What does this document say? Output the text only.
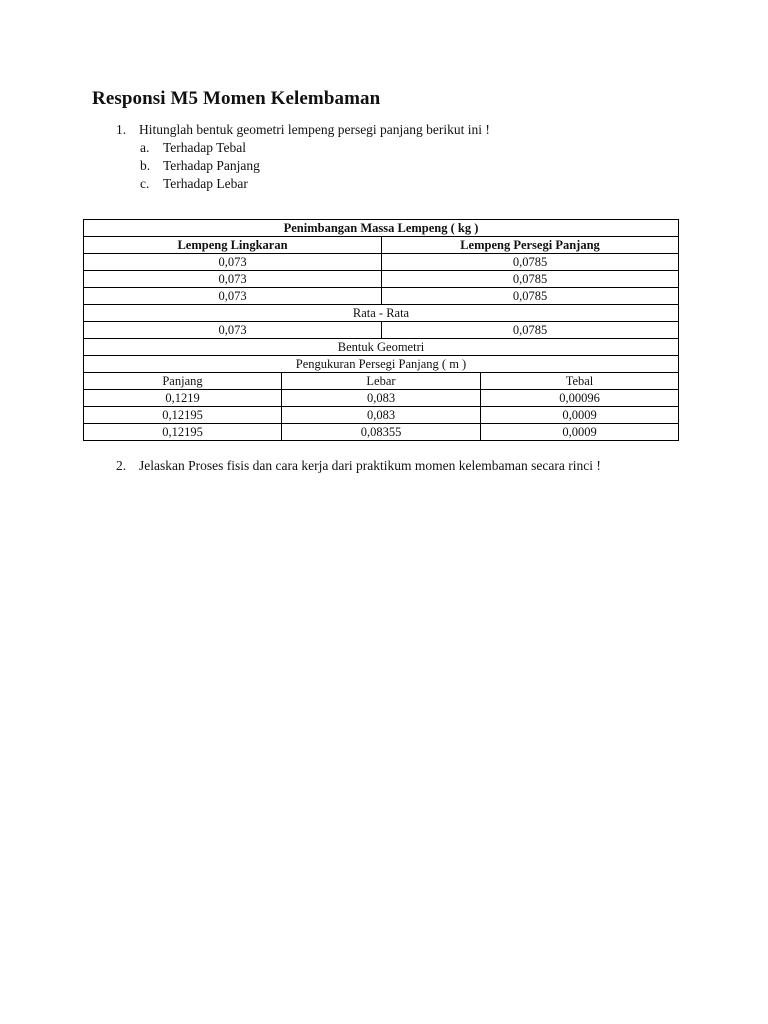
Responsi M5 Momen Kelembaman
1. Hitunglah bentuk geometri lempeng persegi panjang berikut ini !
a. Terhadap Tebal
b. Terhadap Panjang
c. Terhadap Lebar
Penimbangan Massa Lempeng ( kg )			
Lempeng Lingkaran		Lempeng Persegi Panjang	
0,073		0,0785	
0,073		0,0785	
0,073		0,0785	
Rata - Rata			
0,073		0,0785	
Bentuk Geometri			
Pengukuran Persegi Panjang ( m )			
Panjang	Lebar		Tebal
0,1219	0,083		0,00096
0,12195	0,083		0,0009
0,12195	0,08355		0,0009
2. Jelaskan Proses fisis dan cara kerja dari praktikum momen kelembaman secara rinci !
